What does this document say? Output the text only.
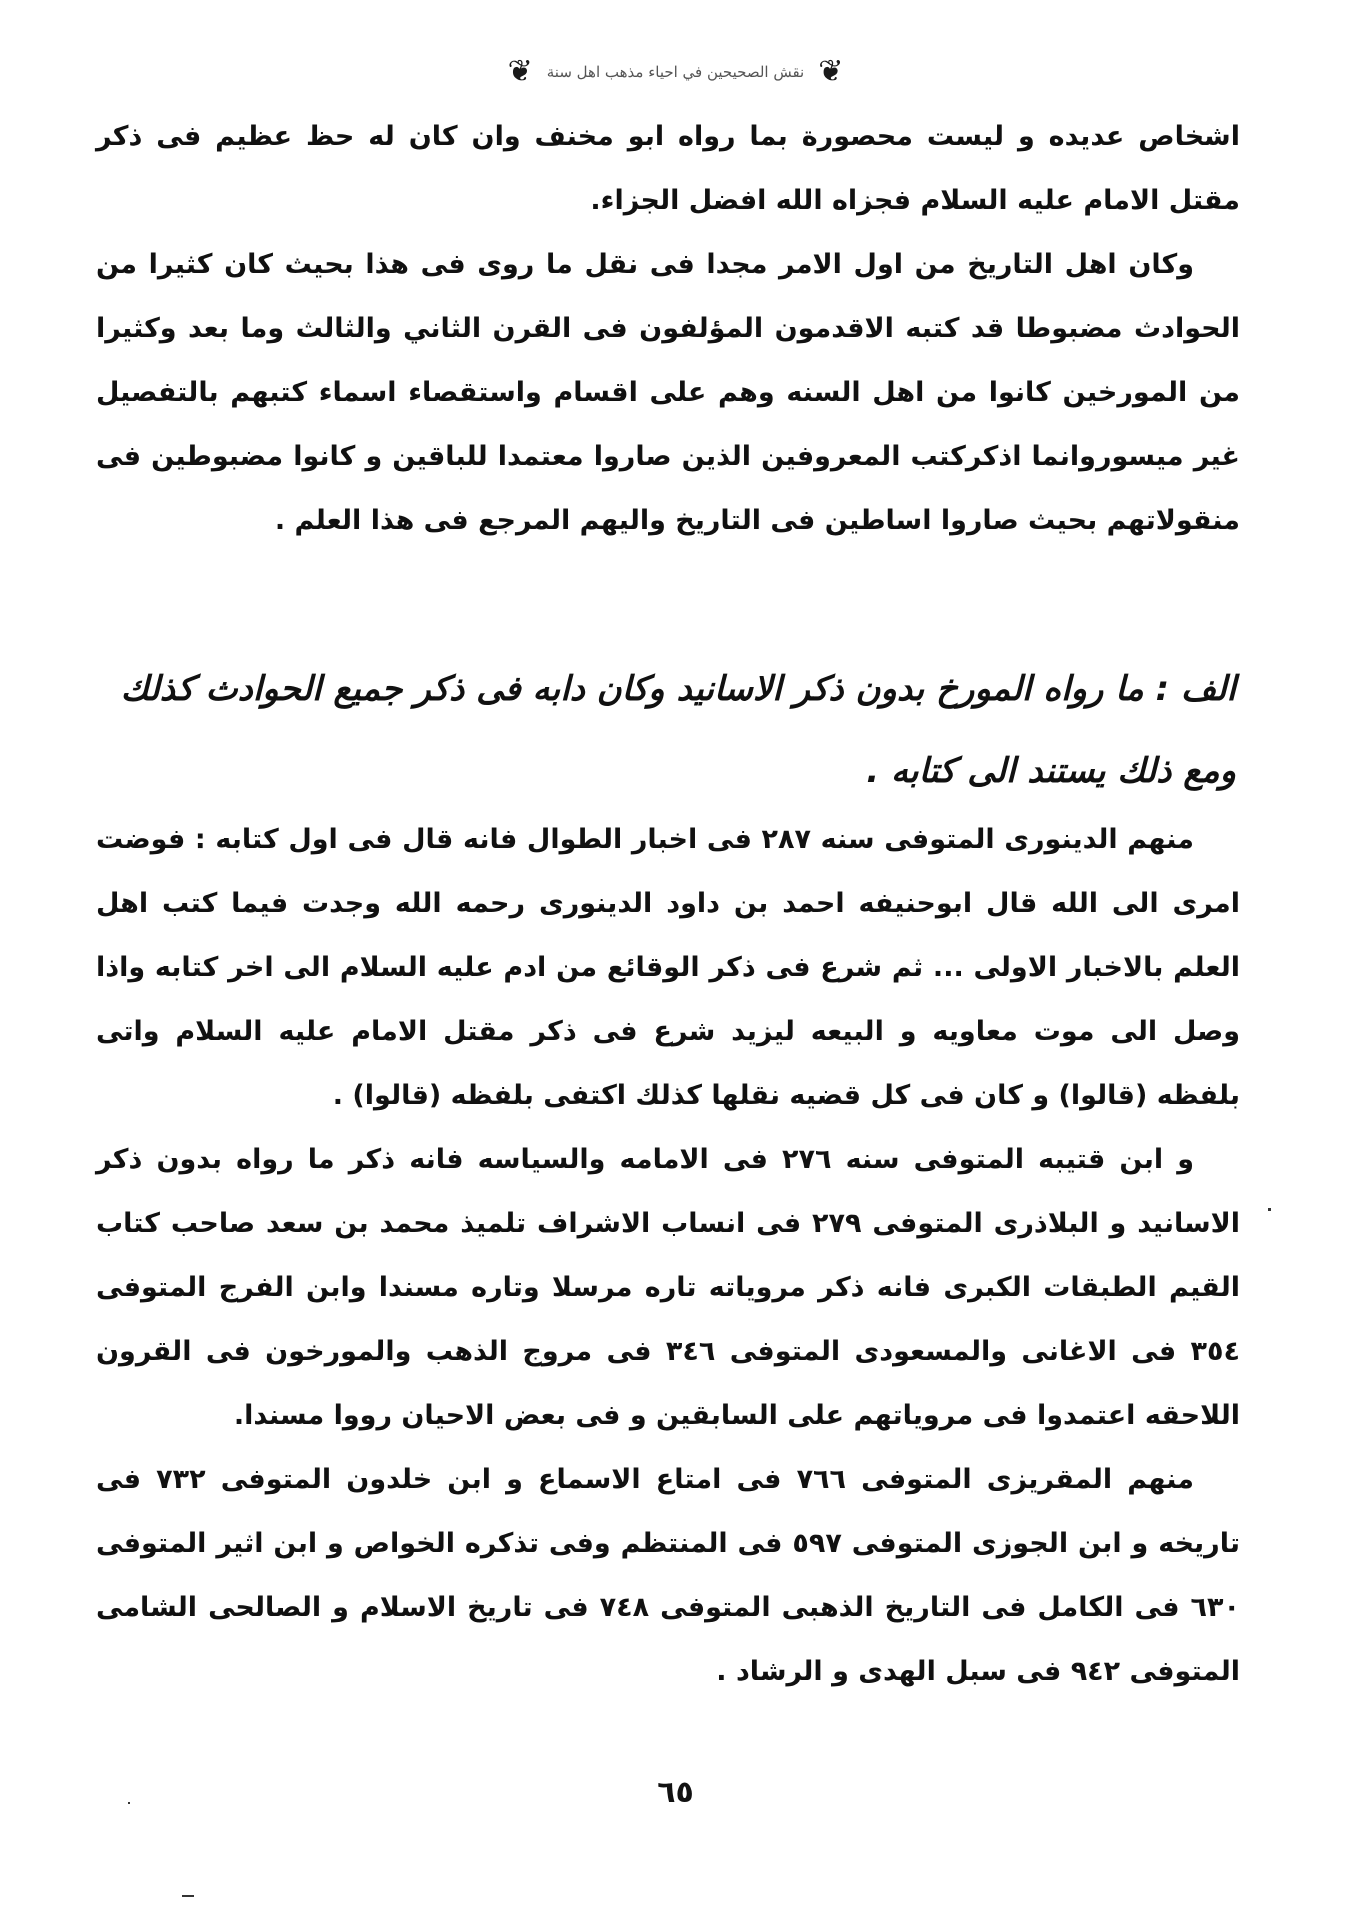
❦ نقش الصحيحين في احياء مذهب اهل سنة ❦

اشخاص عديده و ليست محصورة بما رواه ابو مخنف وان كان له حظ عظيم فى ذكر مقتل الامام عليه السلام فجزاه الله افضل الجزاء.

وكان اهل التاريخ من اول الامر مجدا فى نقل ما روى فى هذا بحيث كان كثيرا من الحوادث مضبوطا قد كتبه الاقدمون المؤلفون فى القرن الثاني والثالث وما بعد وكثيرا من المورخين كانوا من اهل السنه وهم على اقسام واستقصاء اسماء كتبهم بالتفصيل غير ميسوروانما اذكركتب المعروفين الذين صاروا معتمدا للباقين و كانوا مضبوطين فى منقولاتهم بحيث صاروا اساطين فى التاريخ واليهم المرجع فى هذا العلم .

الف : ما رواه المورخ بدون ذكر الاسانيد وكان دابه فى ذكر جميع الحوادث كذلك ومع ذلك يستند الى كتابه .

منهم الدينورى المتوفى سنه ٢٨٧ فى اخبار الطوال فانه قال فى اول كتابه : فوضت امرى الى الله قال ابوحنيفه احمد بن داود الدينورى رحمه الله وجدت فيما كتب اهل العلم بالاخبار الاولى ... ثم شرع فى ذكر الوقائع من ادم عليه السلام الى اخر كتابه واذا وصل الى موت معاويه و البيعه ليزيد شرع فى ذكر مقتل الامام عليه السلام واتى بلفظه (قالوا) و كان فى كل قضيه نقلها كذلك اكتفى بلفظه (قالوا) .

و ابن قتيبه المتوفى سنه ٢٧٦ فى الامامه والسياسه فانه ذكر ما رواه بدون ذكر الاسانيد و البلاذرى المتوفى ٢٧٩ فى انساب الاشراف تلميذ محمد بن سعد صاحب كتاب القيم الطبقات الكبرى فانه ذكر مروياته تاره مرسلا وتاره مسندا وابن الفرج المتوفى ٣٥٤ فى الاغانى والمسعودى المتوفى ٣٤٦ فى مروج الذهب والمورخون فى القرون اللاحقه اعتمدوا فى مروياتهم على السابقين و فى بعض الاحيان رووا مسندا.

منهم المقريزى المتوفى ٧٦٦ فى امتاع الاسماع و ابن خلدون المتوفى ٧٣٢ فى تاريخه و ابن الجوزى المتوفى ٥٩٧ فى المنتظم وفى تذكره الخواص و ابن اثير المتوفى ٦٣٠ فى الكامل فى التاريخ الذهبى المتوفى ٧٤٨ فى تاريخ الاسلام و الصالحى الشامى المتوفى ٩٤٢ فى سبل الهدى و الرشاد .

٦٥
